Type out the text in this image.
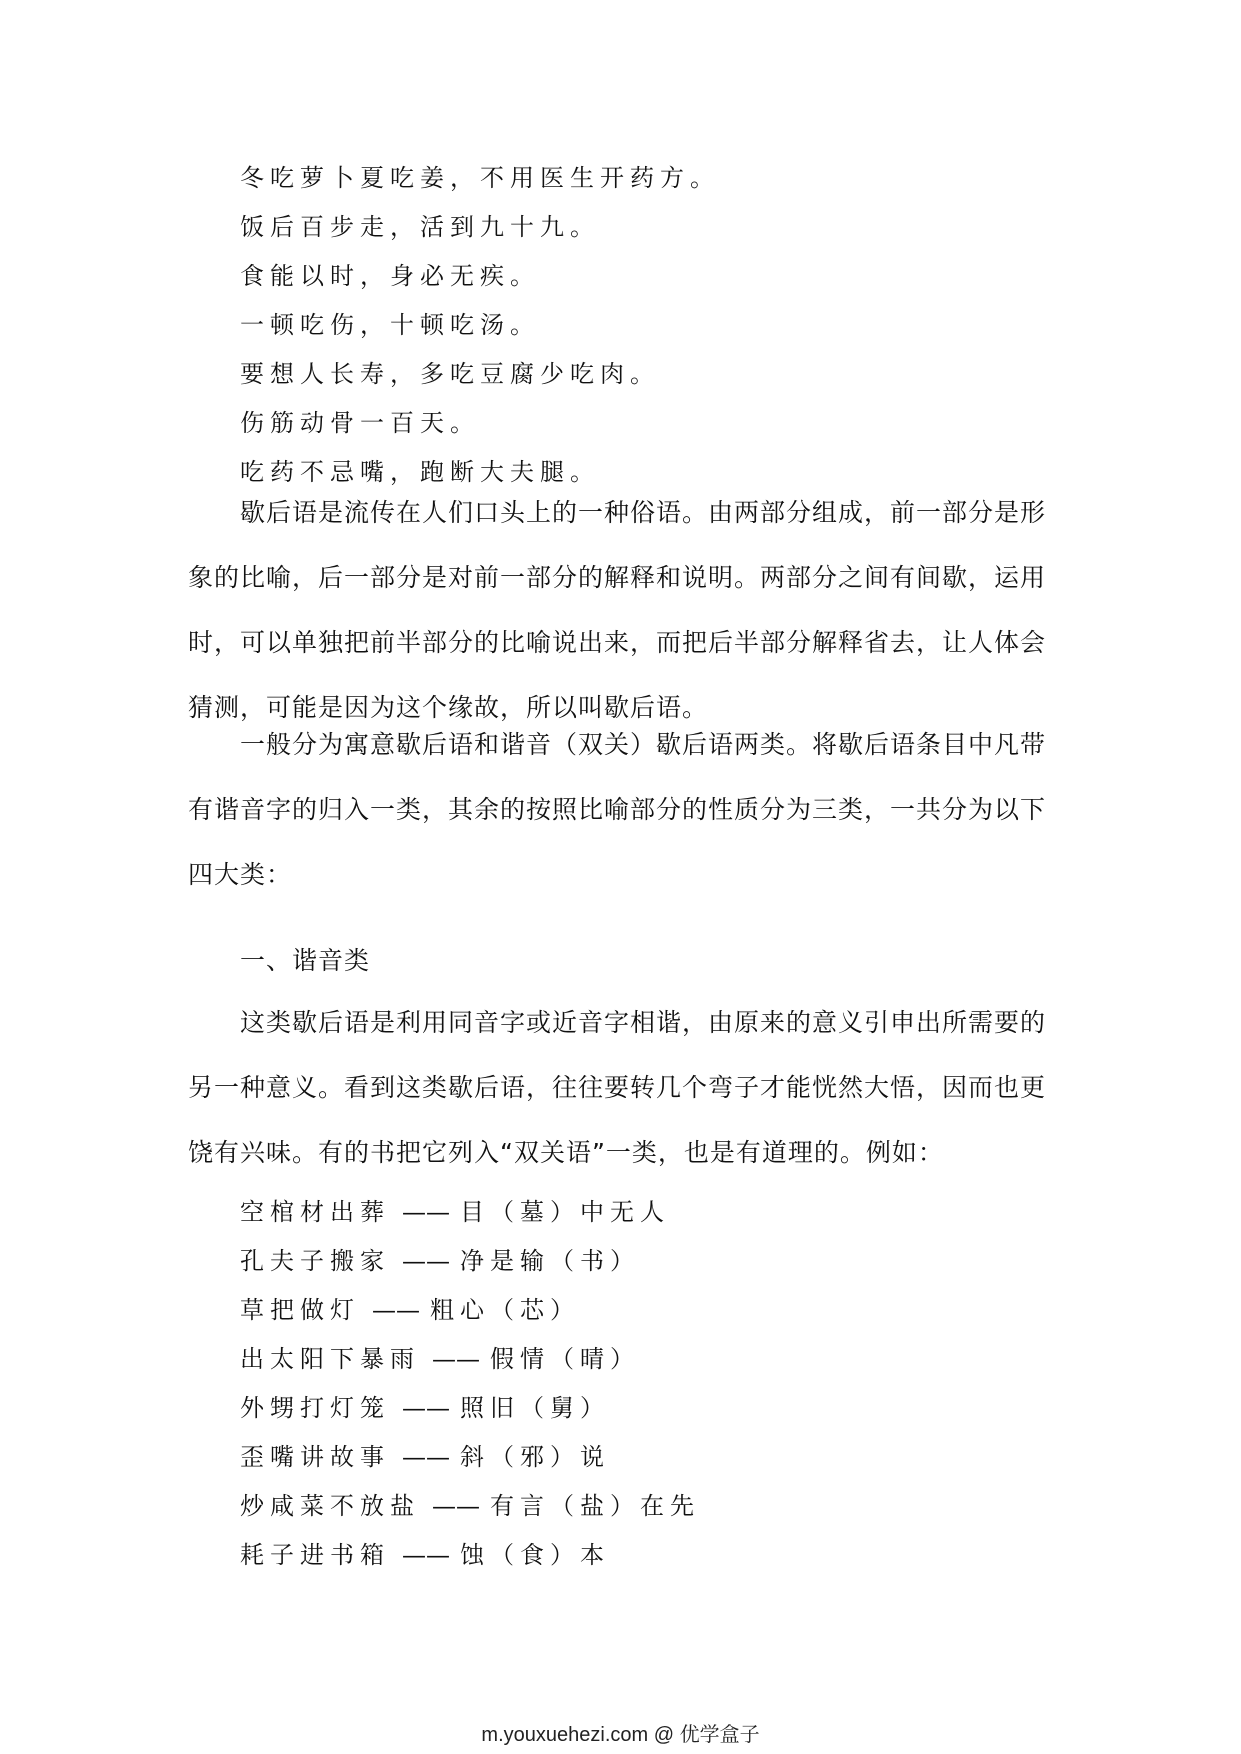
冬吃萝卜夏吃姜，不用医生开药方。
饭后百步走，活到九十九。
食能以时，身必无疾。
一顿吃伤，十顿吃汤。
要想人长寿，多吃豆腐少吃肉。
伤筋动骨一百天。
吃药不忌嘴，跑断大夫腿。

歇后语是流传在人们口头上的一种俗语。由两部分组成，前一部分是形象的比喻，后一部分是对前一部分的解释和说明。两部分之间有间歇，运用时，可以单独把前半部分的比喻说出来，而把后半部分解释省去，让人体会猜测，可能是因为这个缘故，所以叫歇后语。

一般分为寓意歇后语和谐音（双关）歇后语两类。将歇后语条目中凡带有谐音字的归入一类，其余的按照比喻部分的性质分为三类，一共分为以下四大类：

一、谐音类

这类歇后语是利用同音字或近音字相谐，由原来的意义引申出所需要的另一种意义。看到这类歇后语，往往要转几个弯子才能恍然大悟，因而也更饶有兴味。有的书把它列入“双关语”一类，也是有道理的。例如：

空棺材出葬 —— 目（墓）中无人
孔夫子搬家 —— 净是输（书）
草把做灯 —— 粗心（芯）
出太阳下暴雨 —— 假情（晴）
外甥打灯笼 —— 照旧（舅）
歪嘴讲故事 —— 斜（邪）说
炒咸菜不放盐 —— 有言（盐）在先
耗子进书箱 —— 蚀（食）本
m.youxuehezi.com @ 优学盒子
